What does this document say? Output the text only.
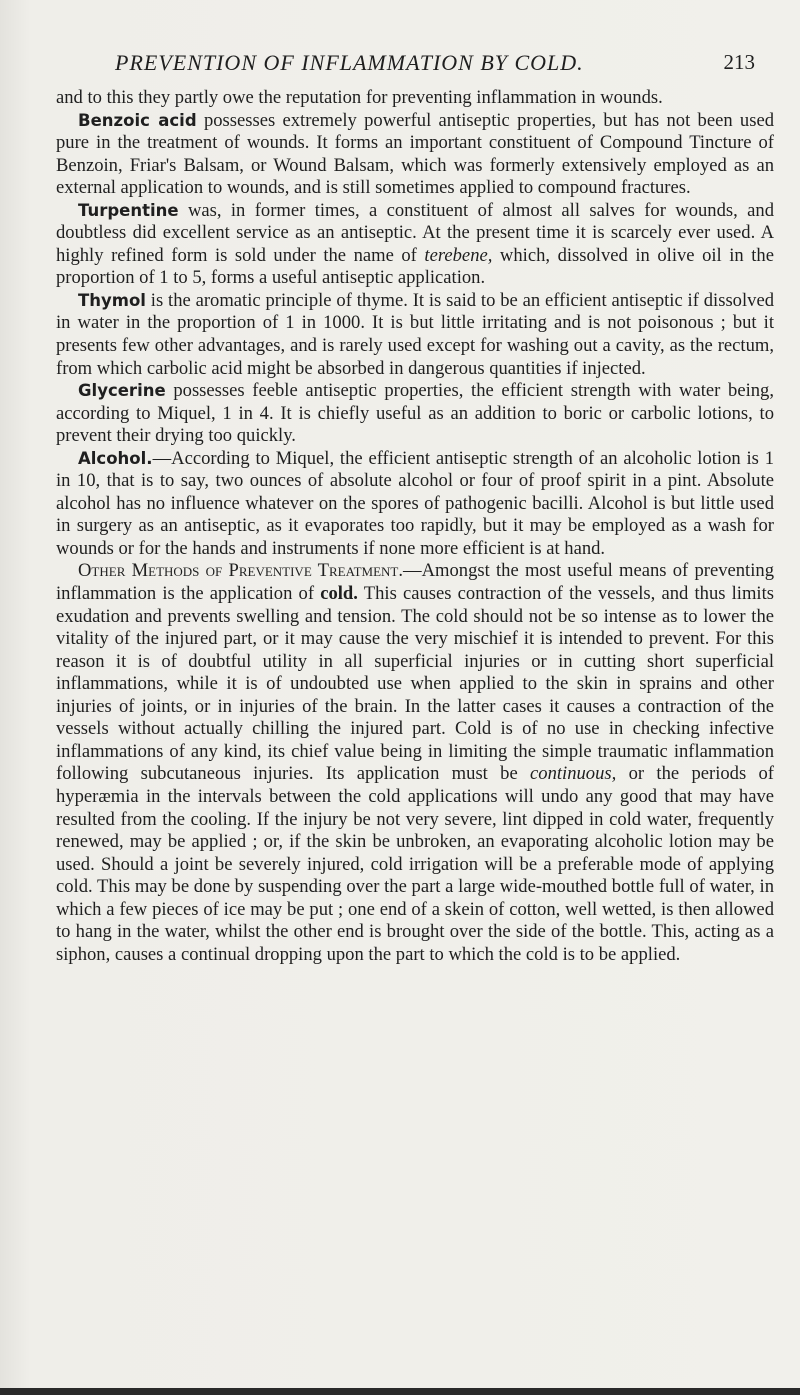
PREVENTION OF INFLAMMATION BY COLD.	213

and to this they partly owe the reputation for preventing inflammation in wounds.

Benzoic acid possesses extremely powerful antiseptic properties, but has not been used pure in the treatment of wounds. It forms an important constituent of Compound Tincture of Benzoin, Friar's Balsam, or Wound Balsam, which was formerly extensively employed as an external application to wounds, and is still sometimes applied to compound fractures.

Turpentine was, in former times, a constituent of almost all salves for wounds, and doubtless did excellent service as an antiseptic. At the present time it is scarcely ever used. A highly refined form is sold under the name of terebene, which, dissolved in olive oil in the proportion of 1 to 5, forms a useful antiseptic application.

Thymol is the aromatic principle of thyme. It is said to be an efficient antiseptic if dissolved in water in the proportion of 1 in 1000. It is but little irritating and is not poisonous ; but it presents few other advantages, and is rarely used except for washing out a cavity, as the rectum, from which carbolic acid might be absorbed in dangerous quantities if injected.

Glycerine possesses feeble antiseptic properties, the efficient strength with water being, according to Miquel, 1 in 4. It is chiefly useful as an addition to boric or carbolic lotions, to prevent their drying too quickly.

Alcohol.—According to Miquel, the efficient antiseptic strength of an alcoholic lotion is 1 in 10, that is to say, two ounces of absolute alcohol or four of proof spirit in a pint. Absolute alcohol has no influence whatever on the spores of pathogenic bacilli. Alcohol is but little used in surgery as an antiseptic, as it evaporates too rapidly, but it may be employed as a wash for wounds or for the hands and instruments if none more efficient is at hand.

Other Methods of Preventive Treatment.—Amongst the most useful means of preventing inflammation is the application of cold. This causes contraction of the vessels, and thus limits exudation and prevents swelling and tension. The cold should not be so intense as to lower the vitality of the injured part, or it may cause the very mischief it is intended to prevent. For this reason it is of doubtful utility in all superficial injuries or in cutting short superficial inflammations, while it is of undoubted use when applied to the skin in sprains and other injuries of joints, or in injuries of the brain. In the latter cases it causes a contraction of the vessels without actually chilling the injured part. Cold is of no use in checking infective inflammations of any kind, its chief value being in limiting the simple traumatic inflammation following subcutaneous injuries. Its application must be continuous, or the periods of hyperæmia in the intervals between the cold applications will undo any good that may have resulted from the cooling. If the injury be not very severe, lint dipped in cold water, frequently renewed, may be applied ; or, if the skin be unbroken, an evaporating alcoholic lotion may be used. Should a joint be severely injured, cold irrigation will be a preferable mode of applying cold. This may be done by suspending over the part a large wide-mouthed bottle full of water, in which a few pieces of ice may be put ; one end of a skein of cotton, well wetted, is then allowed to hang in the water, whilst the other end is brought over the side of the bottle. This, acting as a siphon, causes a continual dropping upon the part to which the cold is to be applied.
